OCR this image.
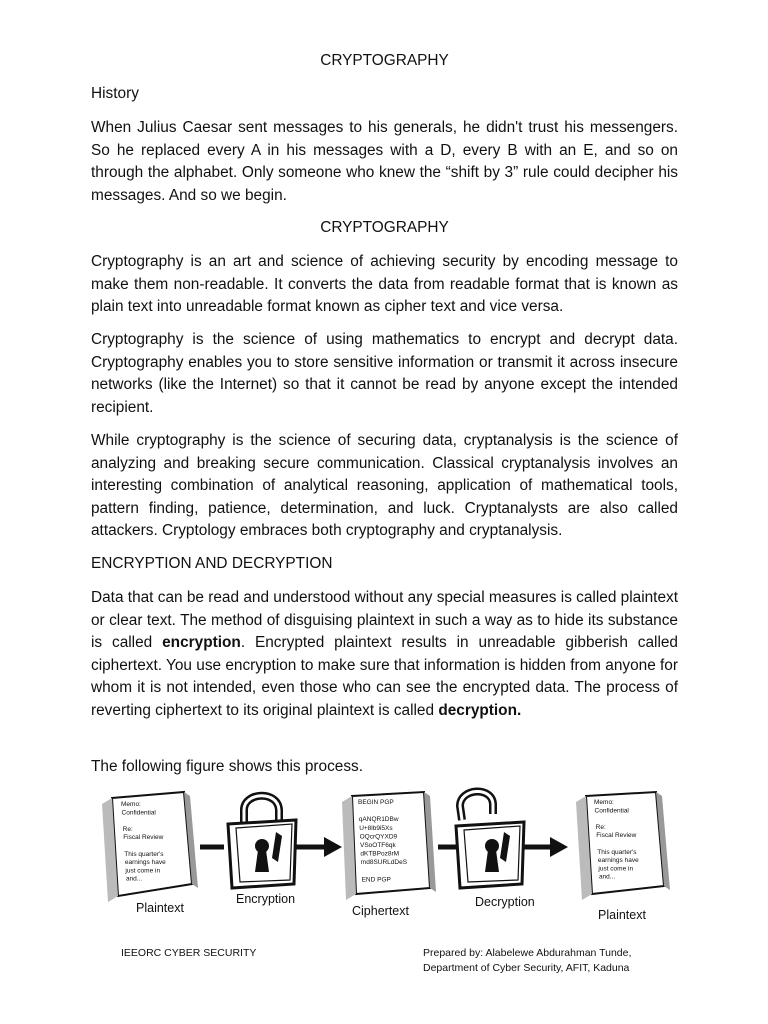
CRYPTOGRAPHY
History
When Julius Caesar sent messages to his generals, he didn't trust his messengers. So he replaced every A in his messages with a D, every B with an E, and so on through the alphabet. Only someone who knew the “shift by 3” rule could decipher his messages. And so we begin.
CRYPTOGRAPHY
Cryptography is an art and science of achieving security by encoding message to make them non-readable. It converts the data from readable format that is known as plain text into unreadable format known as cipher text and vice versa.
Cryptography is the science of using mathematics to encrypt and decrypt data. Cryptography enables you to store sensitive information or transmit it across insecure networks (like the Internet) so that it cannot be read by anyone except the intended recipient.
While cryptography is the science of securing data, cryptanalysis is the science of analyzing and breaking secure communication. Classical cryptanalysis involves an interesting combination of analytical reasoning, application of mathematical tools, pattern finding, patience, determination, and luck. Cryptanalysts are also called attackers. Cryptology embraces both cryptography and cryptanalysis.
ENCRYPTION AND DECRYPTION
Data that can be read and understood without any special measures is called plaintext or clear text. The method of disguising plaintext in such a way as to hide its substance is called encryption. Encrypted plaintext results in unreadable gibberish called ciphertext. You use encryption to make sure that information is hidden from anyone for whom it is not intended, even those who can see the encrypted data. The process of reverting ciphertext to its original plaintext is called decryption.
The following figure shows this process.
Memo:
Confidential
Re:
Fiscal Review
This quarter's
earnings have
just come in
and...
BEGIN PGP
qANQR1DBw
U+8lb9i5Xs
OQcrQYXD9
VSoOTF6qk
dKTBPoz8rM
md8SURLdDeS
END PGP
Memo:
Confidential
Re:
Fiscal Review
This quarter's
earnings have
just come in
and...
Plaintext
Encryption
Ciphertext
Decryption
Plaintext
IEEORC CYBER SECURITY	Prepared by: Alabelewe Abdurahman Tunde,
Department of Cyber Security, AFIT, Kaduna
